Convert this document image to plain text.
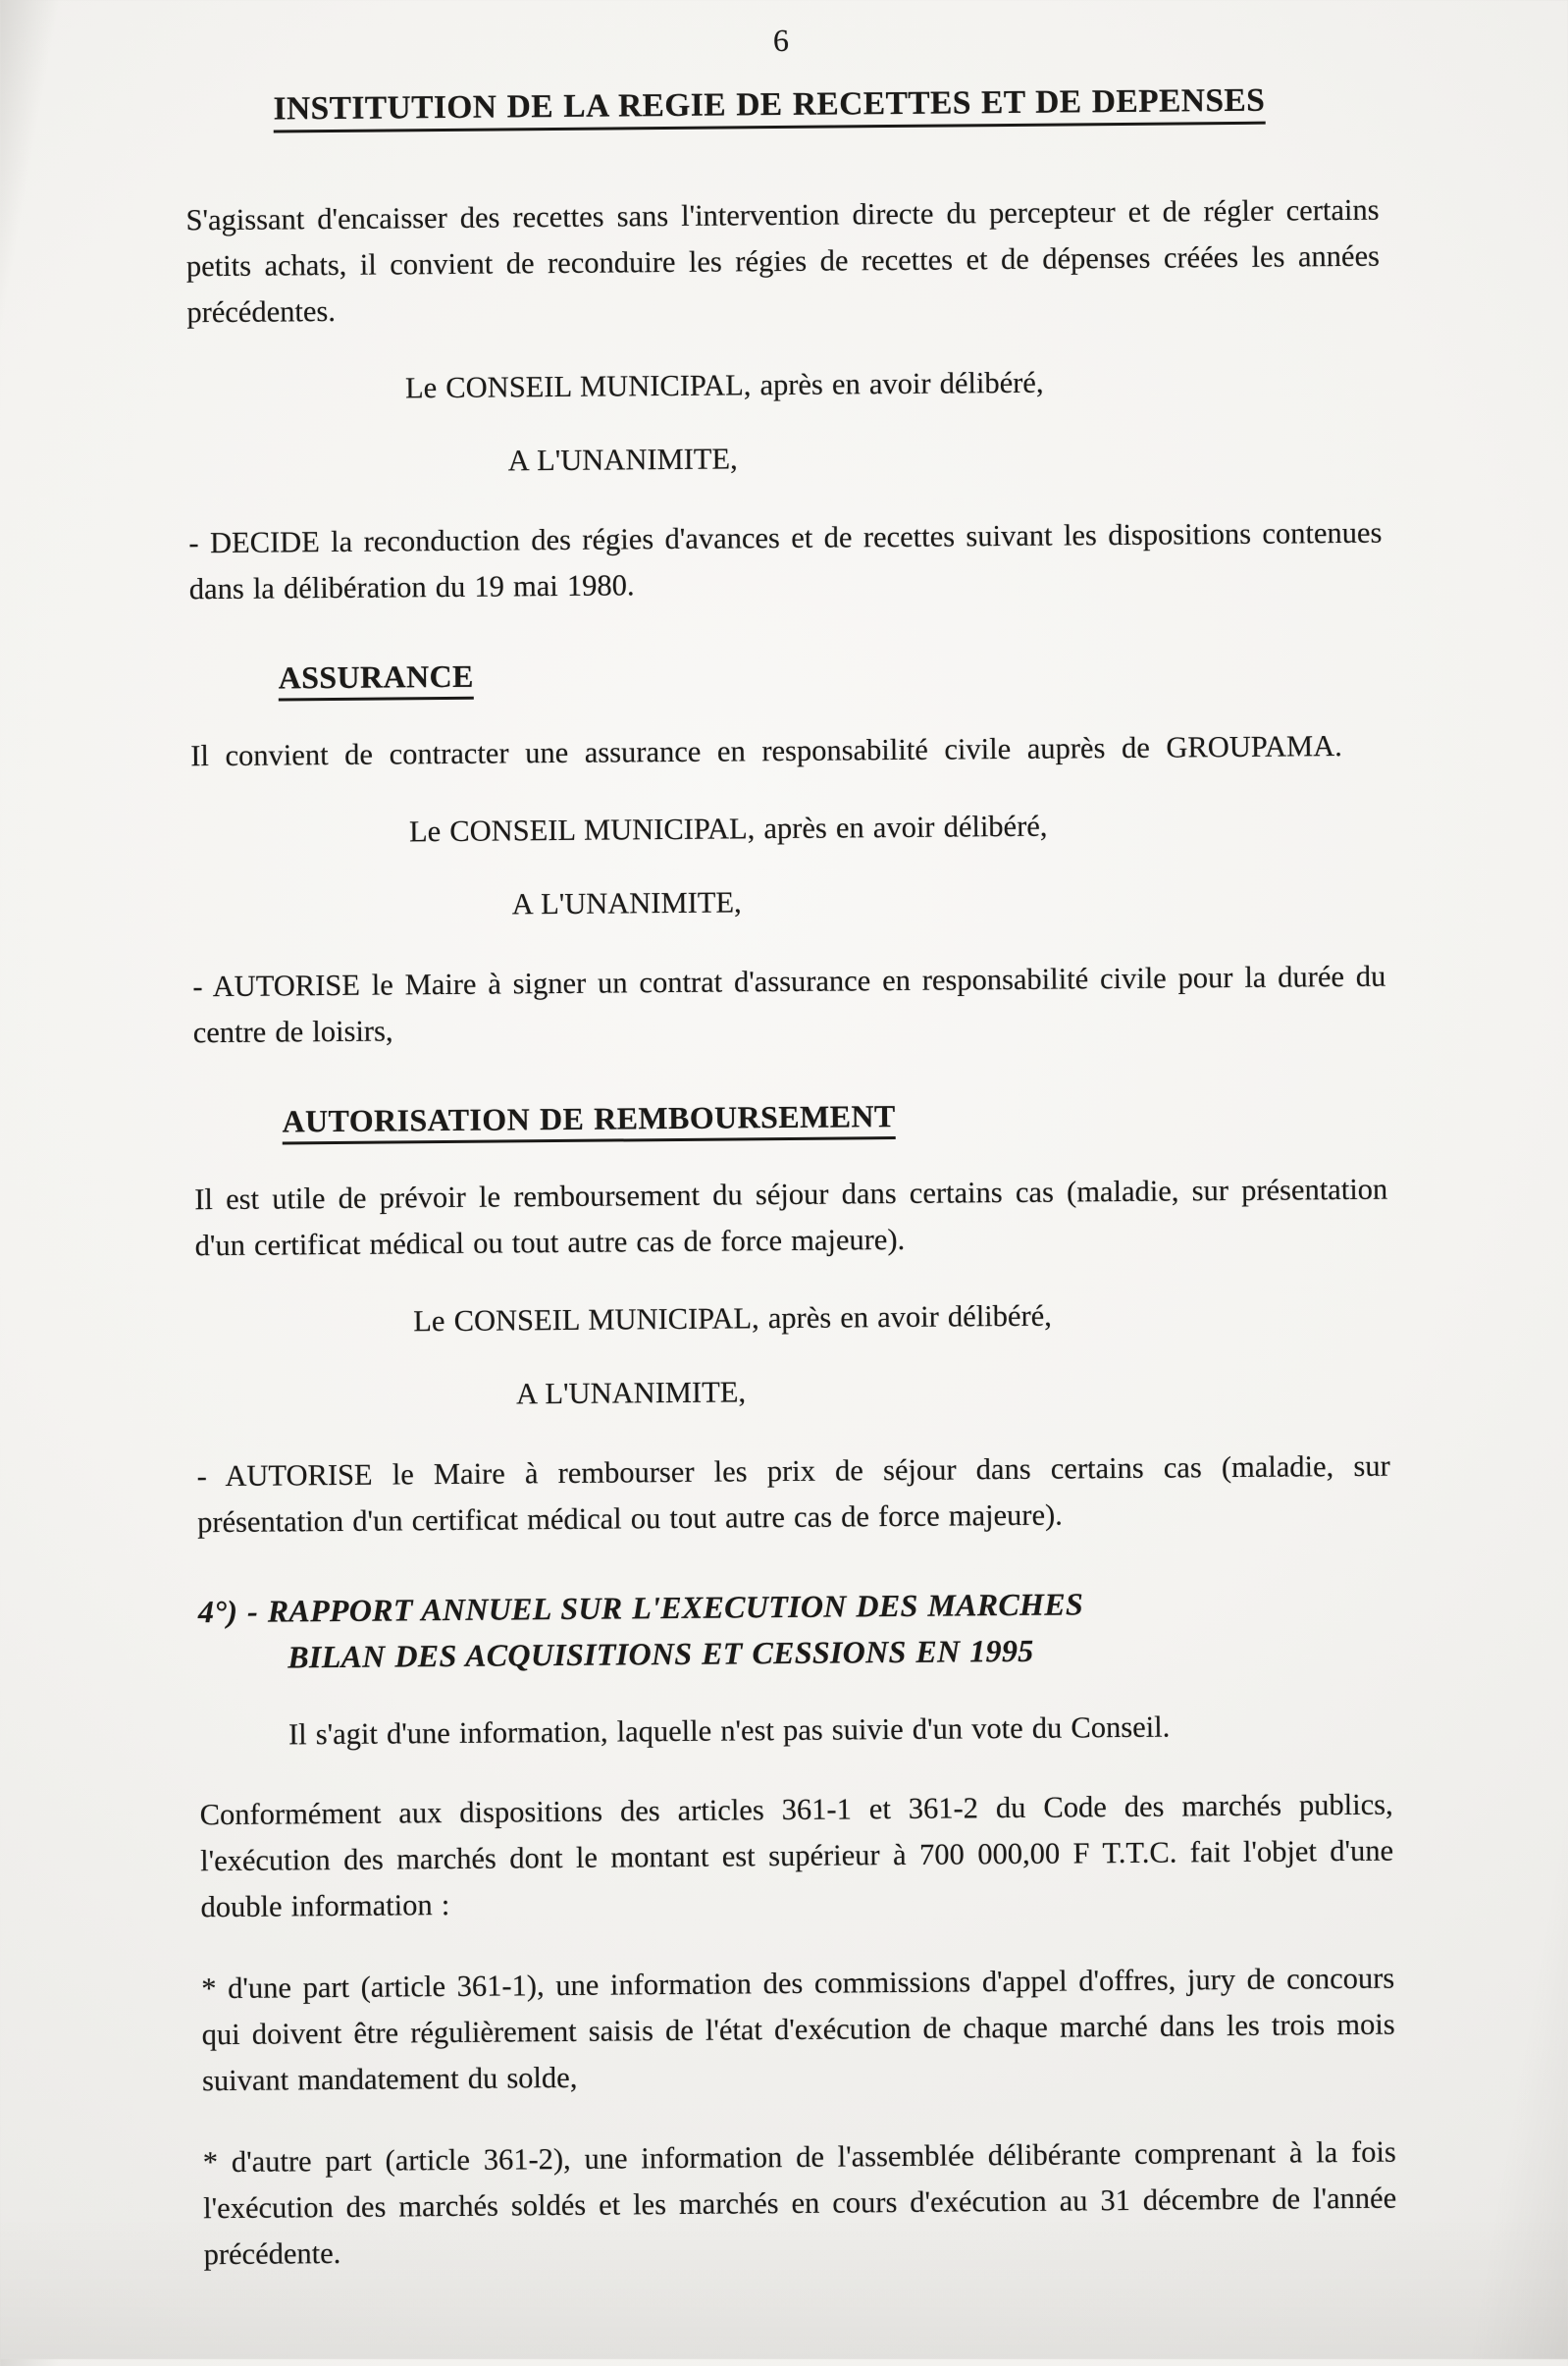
6
INSTITUTION DE LA REGIE DE RECETTES ET DE DEPENSES

S'agissant d'encaisser des recettes sans l'intervention directe du percepteur et de régler certains petits achats, il convient de reconduire les régies de recettes et de dépenses créées les années précédentes.

Le CONSEIL MUNICIPAL, après en avoir délibéré,

A L'UNANIMITE,

- DECIDE la reconduction des régies d'avances et de recettes suivant les dispositions contenues dans la délibération du 19 mai 1980.

ASSURANCE

Il convient de contracter une assurance en responsabilité civile auprès de GROUPAMA.

Le CONSEIL MUNICIPAL, après en avoir délibéré,

A L'UNANIMITE,

- AUTORISE le Maire à signer un contrat d'assurance en responsabilité civile pour la durée du centre de loisirs,

AUTORISATION DE REMBOURSEMENT

Il est utile de prévoir le remboursement du séjour dans certains cas (maladie, sur présentation d'un certificat médical ou tout autre cas de force majeure).

Le CONSEIL MUNICIPAL, après en avoir délibéré,

A L'UNANIMITE,

- AUTORISE le Maire à rembourser les prix de séjour dans certains cas (maladie, sur présentation d'un certificat médical ou tout autre cas de force majeure).

4°) - RAPPORT ANNUEL SUR L'EXECUTION DES MARCHES
BILAN DES ACQUISITIONS ET CESSIONS EN 1995

Il s'agit d'une information, laquelle n'est pas suivie d'un vote du Conseil.

Conformément aux dispositions des articles 361-1 et 361-2 du Code des marchés publics, l'exécution des marchés dont le montant est supérieur à 700 000,00 F T.T.C. fait l'objet d'une double information :

* d'une part (article 361-1), une information des commissions d'appel d'offres, jury de concours qui doivent être régulièrement saisis de l'état d'exécution de chaque marché dans les trois mois suivant mandatement du solde,

* d'autre part (article 361-2), une information de l'assemblée délibérante comprenant à la fois l'exécution des marchés soldés et les marchés en cours d'exécution au 31 décembre de l'année précédente.
